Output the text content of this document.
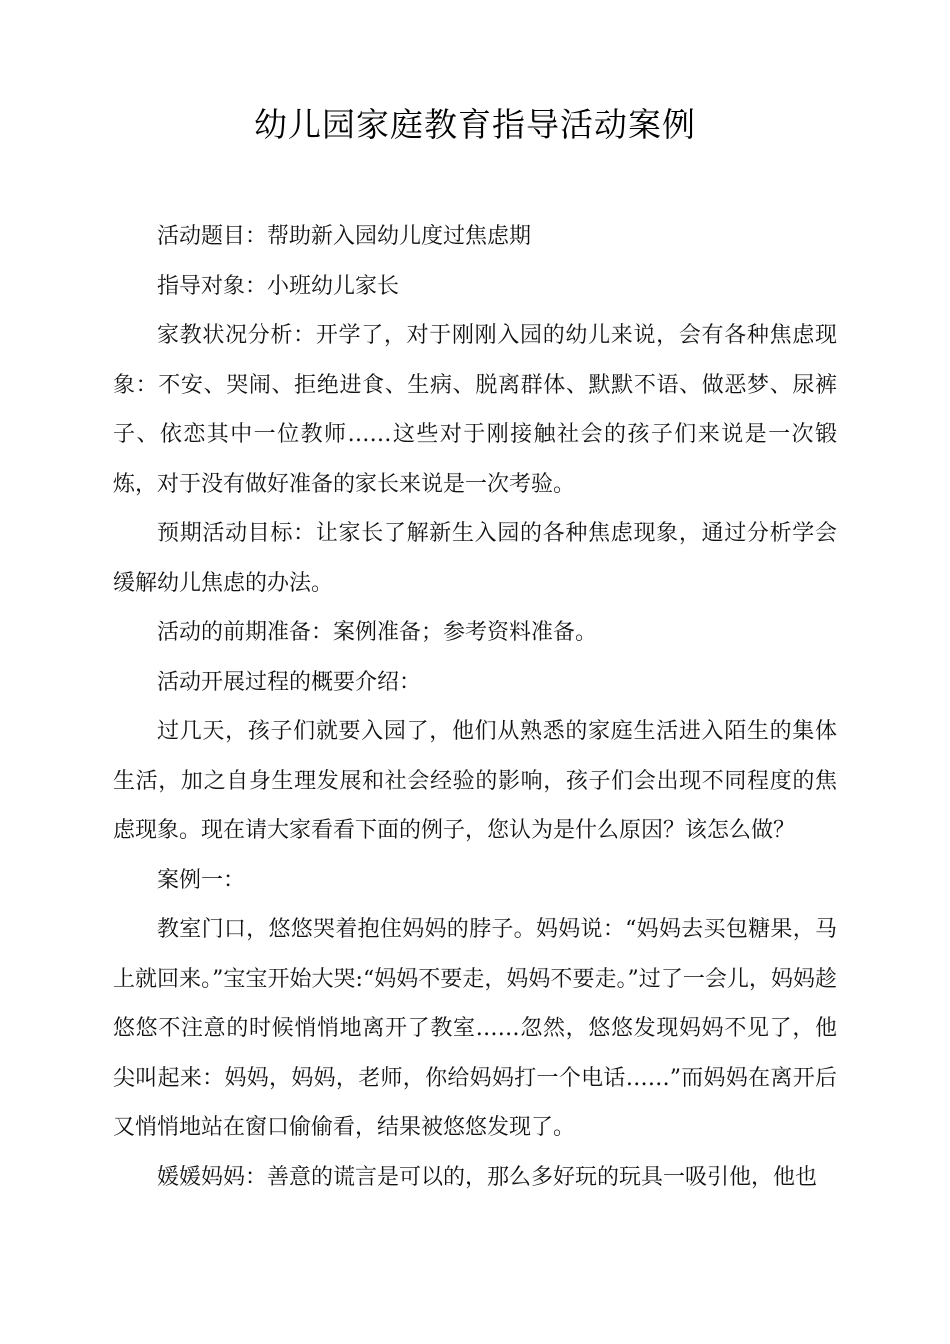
幼儿园家庭教育指导活动案例

活动题目：帮助新入园幼儿度过焦虑期

指导对象：小班幼儿家长

家教状况分析：开学了，对于刚刚入园的幼儿来说，会有各种焦虑现象：不安、哭闹、拒绝进食、生病、脱离群体、默默不语、做恶梦、尿裤子、依恋其中一位教师……这些对于刚接触社会的孩子们来说是一次锻炼，对于没有做好准备的家长来说是一次考验。

预期活动目标：让家长了解新生入园的各种焦虑现象，通过分析学会缓解幼儿焦虑的办法。

活动的前期准备：案例准备；参考资料准备。

活动开展过程的概要介绍：

过几天，孩子们就要入园了，他们从熟悉的家庭生活进入陌生的集体生活，加之自身生理发展和社会经验的影响，孩子们会出现不同程度的焦虑现象。现在请大家看看下面的例子，您认为是什么原因？该怎么做？

案例一：

教室门口，悠悠哭着抱住妈妈的脖子。妈妈说：“妈妈去买包糖果，马上就回来。”宝宝开始大哭:“妈妈不要走，妈妈不要走。”过了一会儿，妈妈趁悠悠不注意的时候悄悄地离开了教室……忽然，悠悠发现妈妈不见了，他尖叫起来：妈妈，妈妈，老师，你给妈妈打一个电话……”而妈妈在离开后又悄悄地站在窗口偷偷看，结果被悠悠发现了。

媛媛妈妈：善意的谎言是可以的，那么多好玩的玩具一吸引他，他也
